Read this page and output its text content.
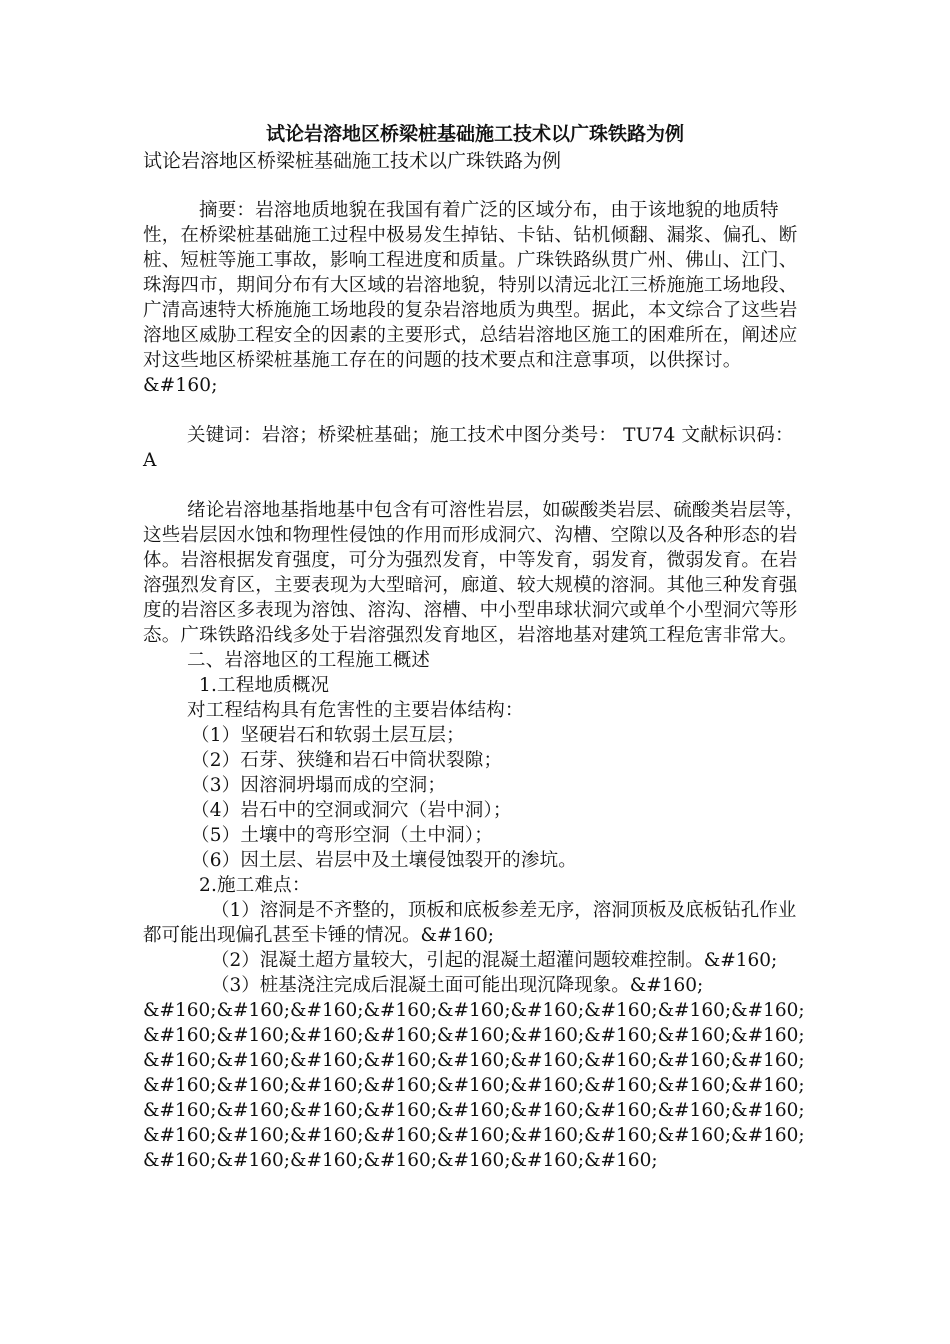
试论岩溶地区桥梁桩基础施工技术以广珠铁路为例
试论岩溶地区桥梁桩基础施工技术以广珠铁路为例

摘要：岩溶地质地貌在我国有着广泛的区域分布，由于该地貌的地质特性，在桥梁桩基础施工过程中极易发生掉钻、卡钻、钻机倾翻、漏浆、偏孔、断桩、短桩等施工事故，影响工程进度和质量。广珠铁路纵贯广州、佛山、江门、珠海四市，期间分布有大区域的岩溶地貌，特别以清远北江三桥施施工场地段、广清高速特大桥施施工场地段的复杂岩溶地质为典型。据此，本文综合了这些岩溶地区威胁工程安全的因素的主要形式，总结岩溶地区施工的困难所在，阐述应对这些地区桥梁桩基施工存在的问题的技术要点和注意事项，以供探讨。&#160;

关键词：岩溶；桥梁桩基础；施工技术中图分类号： TU74 文献标识码： A

绪论岩溶地基指地基中包含有可溶性岩层，如碳酸类岩层、硫酸类岩层等，这些岩层因水蚀和物理性侵蚀的作用而形成洞穴、沟槽、空隙以及各种形态的岩体。岩溶根据发育强度，可分为强烈发育，中等发育，弱发育，微弱发育。在岩溶强烈发育区，主要表现为大型暗河，廊道、较大规模的溶洞。其他三种发育强度的岩溶区多表现为溶蚀、溶沟、溶槽、中小型串球状洞穴或单个小型洞穴等形态。广珠铁路沿线多处于岩溶强烈发育地区，岩溶地基对建筑工程危害非常大。

二、岩溶地区的工程施工概述

1.工程地质概况

对工程结构具有危害性的主要岩体结构：

（1）坚硬岩石和软弱土层互层；

（2）石芽、狭缝和岩石中筒状裂隙；

（3）因溶洞坍塌而成的空洞；

（4）岩石中的空洞或洞穴（岩中洞）；

（5）土壤中的弯形空洞（土中洞）；

（6）因土层、岩层中及土壤侵蚀裂开的渗坑。

2.施工难点：

（1）溶洞是不齐整的，顶板和底板参差无序，溶洞顶板及底板钻孔作业都可能出现偏孔甚至卡锤的情况。&#160;

（2）混凝土超方量较大，引起的混凝土超灌问题较难控制。&#160;

（3）桩基浇注完成后混凝土面可能出现沉降现象。&#160;

&#160;&#160;&#160;&#160;&#160;&#160;&#160;&#160;&#160;&#160;&#160;&#160;&#160;&#160;&#160;&#160;&#160;&#160;&#160;&#160;&#160;&#160;&#160;&#160;&#160;&#160;&#160;&#160;&#160;&#160;&#160;&#160;&#160;&#160;&#160;&#160;&#160;&#160;&#160;&#160;&#160;&#160;&#160;&#160;&#160;&#160;&#160;&#160;&#160;&#160;&#160;&#160;&#160;&#160;&#160;&#160;&#160;&#160;&#160;&#160;&#160;
